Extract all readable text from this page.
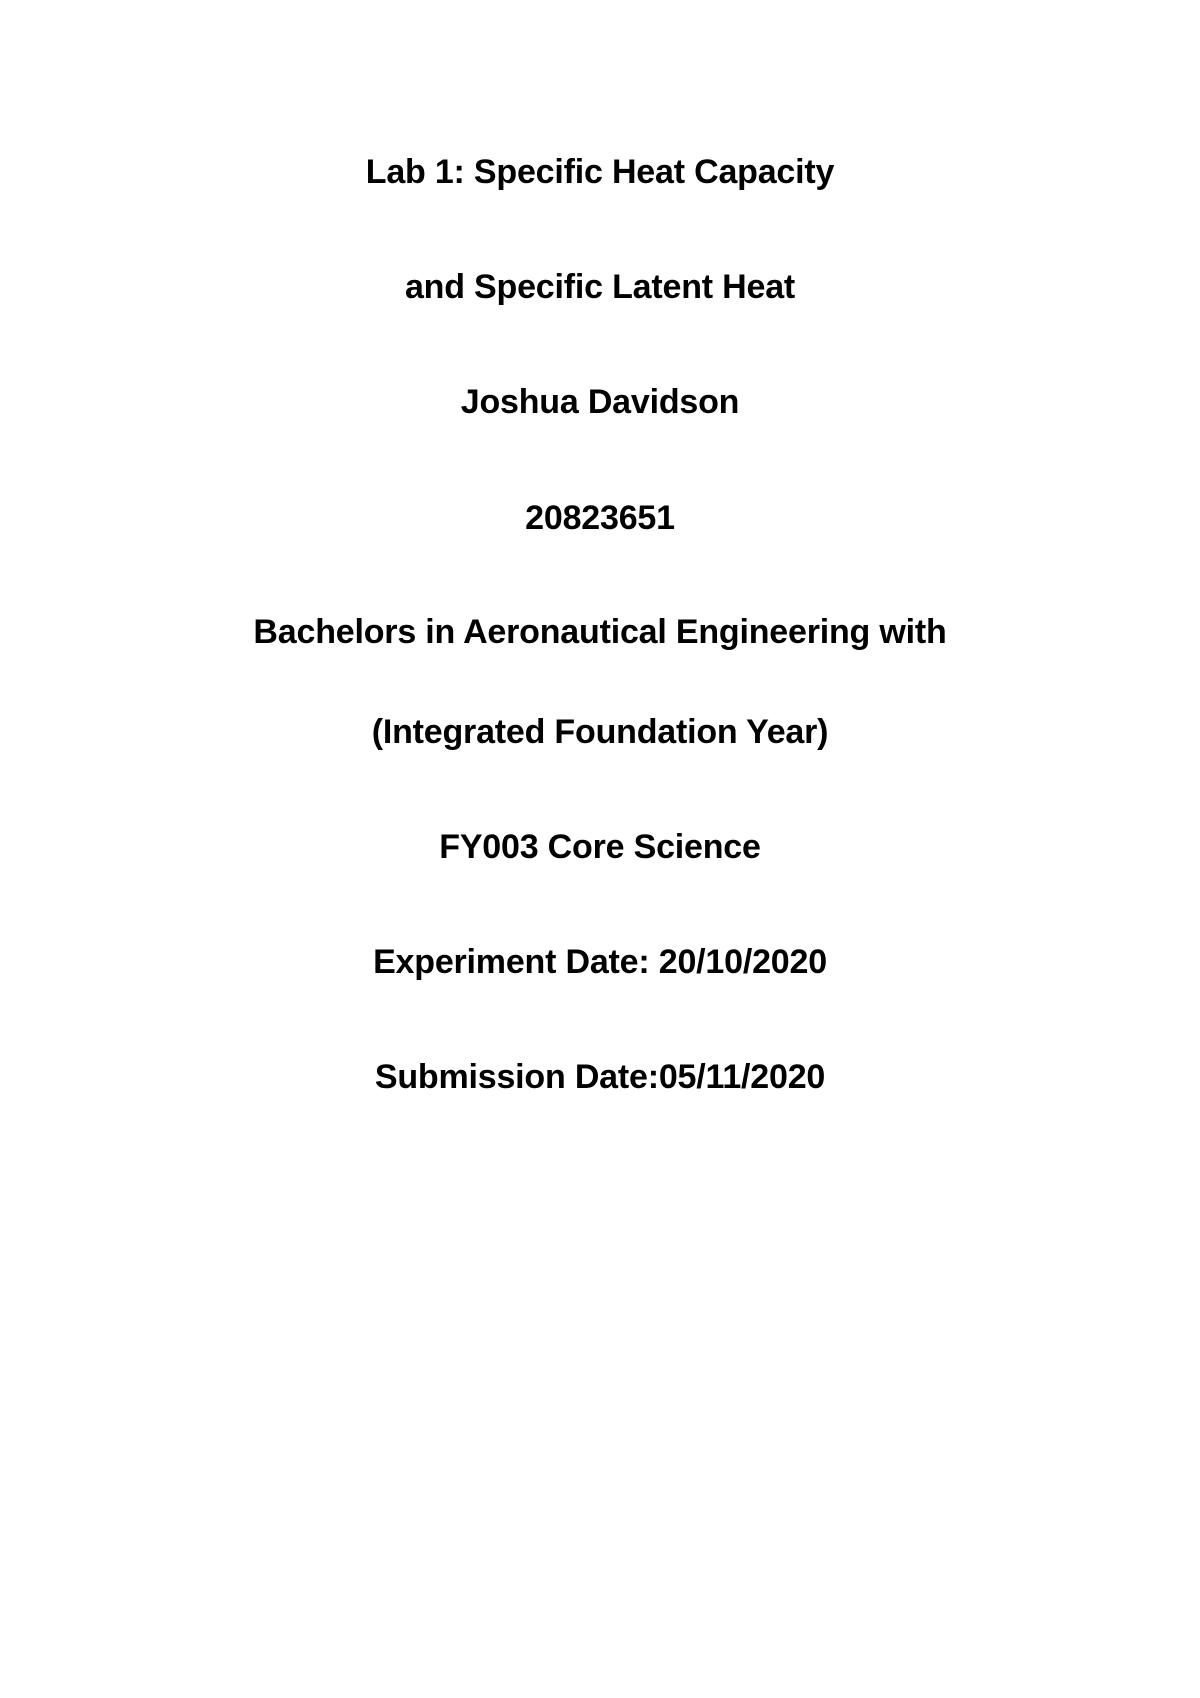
Lab 1: Specific Heat Capacity
and Specific Latent Heat
Joshua Davidson
20823651
Bachelors in Aeronautical Engineering with
(Integrated Foundation Year)
FY003 Core Science
Experiment Date: 20/10/2020
Submission Date:05/11/2020
